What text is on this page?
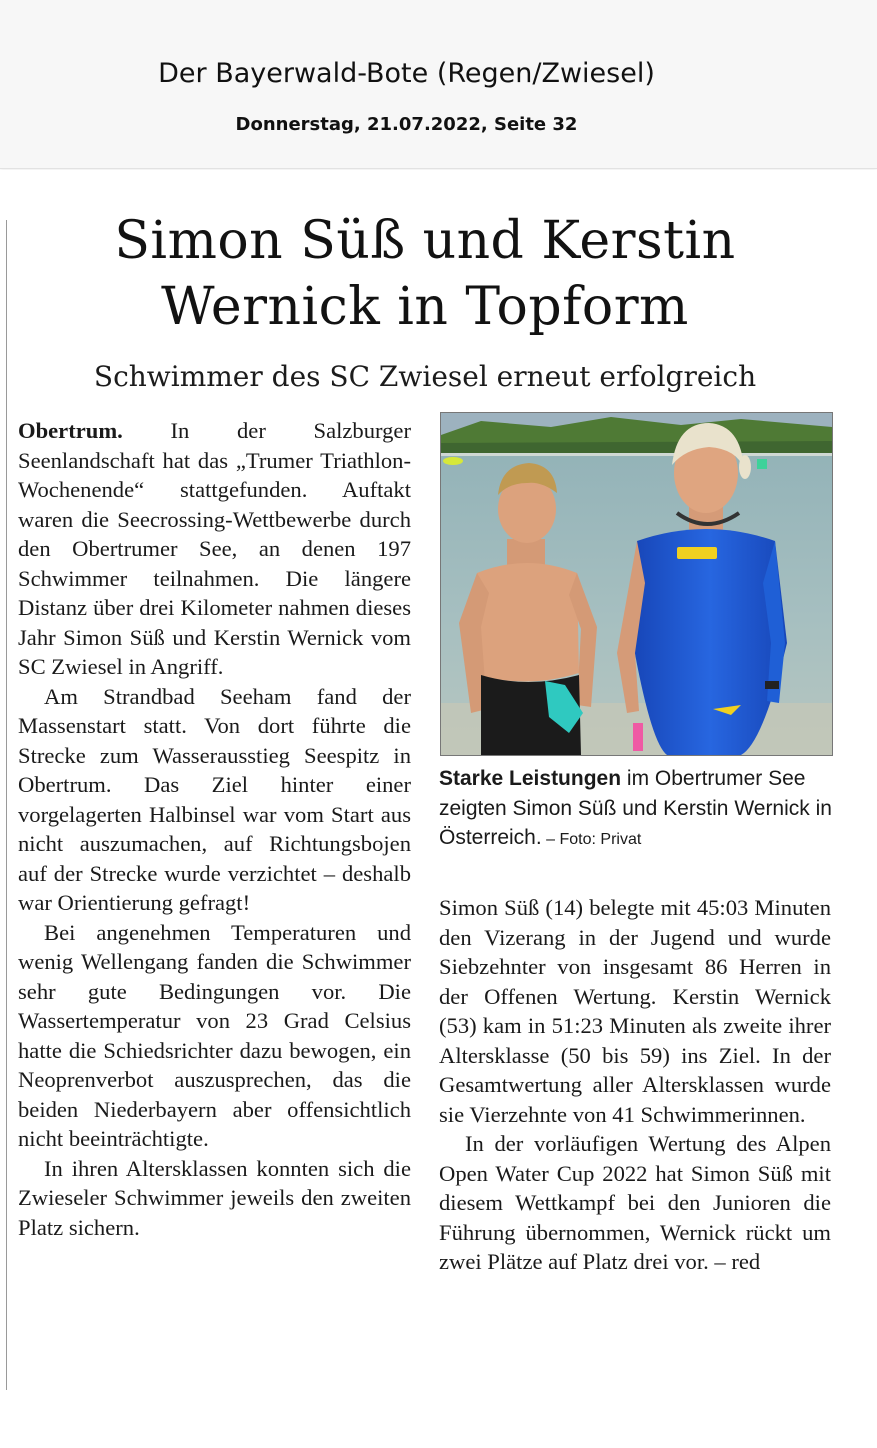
Der Bayerwald-Bote (Regen/Zwiesel)
Donnerstag, 21.07.2022, Seite 32
Simon Süß und Kerstin
Wernick in Topform
Schwimmer des SC Zwiesel erneut erfolgreich

Obertrum. In der Salzburger Seenlandschaft hat das „Trumer Triathlon-Wochenende“ stattgefunden. Auftakt waren die Seecrossing-Wettbewerbe durch den Obertrumer See, an denen 197 Schwimmer teilnahmen. Die längere Distanz über drei Kilometer nahmen dieses Jahr Simon Süß und Kerstin Wernick vom SC Zwiesel in Angriff.

Am Strandbad Seeham fand der Massenstart statt. Von dort führte die Strecke zum Wasserausstieg Seespitz in Obertrum. Das Ziel hinter einer vorgelagerten Halbinsel war vom Start aus nicht auszumachen, auf Richtungsbojen auf der Strecke wurde verzichtet – deshalb war Orientierung gefragt!

Bei angenehmen Temperaturen und wenig Wellengang fanden die Schwimmer sehr gute Bedingungen vor. Die Wassertemperatur von 23 Grad Celsius hatte die Schiedsrichter dazu bewogen, ein Neoprenverbot auszusprechen, das die beiden Niederbayern aber offensichtlich nicht beeinträchtigte.

In ihren Altersklassen konnten sich die Zwieseler Schwimmer jeweils den zweiten Platz sichern.

Starke Leistungen im Obertrumer See zeigten Simon Süß und Kerstin Wernick in Österreich. – Foto: Privat

Simon Süß (14) belegte mit 45:03 Minuten den Vizerang in der Jugend und wurde Siebzehnter von insgesamt 86 Herren in der Offenen Wertung. Kerstin Wernick (53) kam in 51:23 Minuten als zweite ihrer Altersklasse (50 bis 59) ins Ziel. In der Gesamtwertung aller Altersklassen wurde sie Vierzehnte von 41 Schwimmerinnen.

In der vorläufigen Wertung des Alpen Open Water Cup 2022 hat Simon Süß mit diesem Wettkampf bei den Junioren die Führung übernommen, Wernick rückt um zwei Plätze auf Platz drei vor. – red
